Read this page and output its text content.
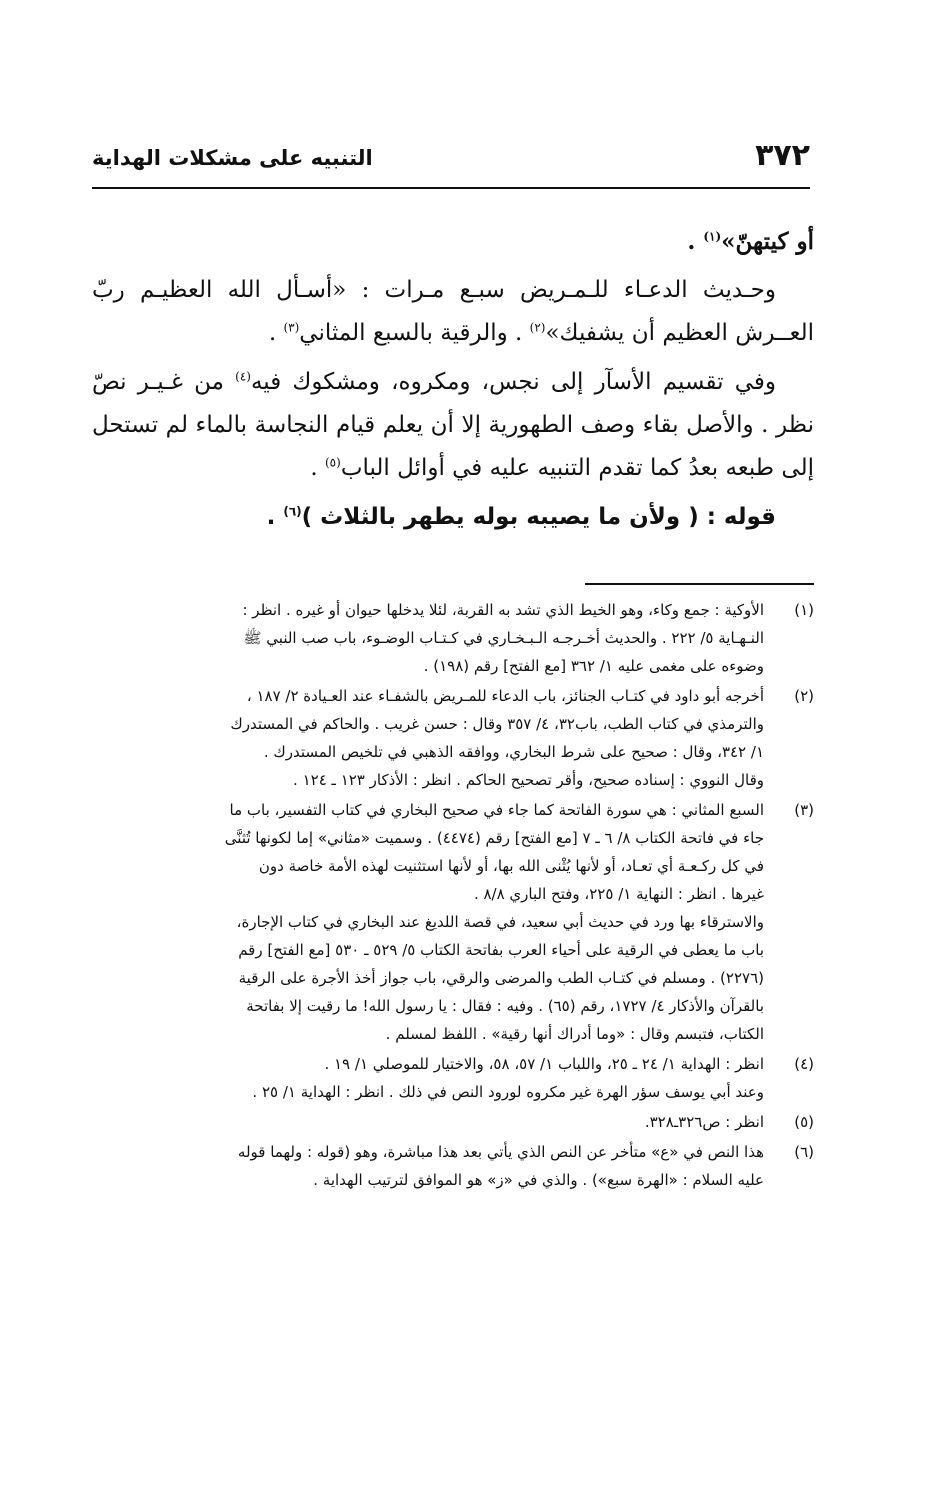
٣٧٢
التنبيه على مشكلات الهداية

أو كيتهنّ»$^{(١)}$ .

وحـديث الدعـاء للـمـريض سبـع مـرات : «أسـأل الله العظيـم ربّ العــرش العظيم أن يشفيك»$^{(٢)}$ . والرقية بالسبع المثاني$^{(٣)}$ .

وفي تقسيم الأسآر إلى نجس، ومكروه، ومشكوك فيه$^{(٤)}$ من غـيـر نصّ نظر . والأصل بقاء وصف الطهورية إلا أن يعلم قيام النجاسة بالماء لم تستحل إلى طبعه بعدُ كما تقدم التنبيه عليه في أوائل الباب$^{(٥)}$ .

قوله : ( ولأن ما يصيبه بوله يطهر بالثلاث )$^{(٦)}$ .

(١)
الأوكية : جمع وكاء، وهو الخيط الذي تشد به القربة، لئلا يدخلها حيوان أو غيره . انظر :
النـهـاية ٥/ ٢٢٢ . والحديث أخـرجـه الـبـخـاري في كـتـاب الوضـوء، باب صب النبي ﷺ
وضوءه على مغمى عليه ١/ ٣٦٢ [مع الفتح] رقم (١٩٨) .
(٢)
أخرجه أبو داود في كتـاب الجنائز، باب الدعاء للمـريض بالشفـاء عند العـيادة ٢/ ١٨٧ ،
والترمذي في كتاب الطب، باب٣٢، ٤/ ٣٥٧ وقال : حسن غريب . والحاكم في المستدرك
١/ ٣٤٢، وقال : صحيح على شرط البخاري، ووافقه الذهبي في تلخيص المستدرك .
وقال النووي : إسناده صحيح، وأقر تصحيح الحاكم . انظر : الأذكار ١٢٣ ـ ١٢٤ .
(٣)
السبع المثاني : هي سورة الفاتحة كما جاء في صحيح البخاري في كتاب التفسير، باب ما
جاء في فاتحة الكتاب ٨/ ٦ ـ ٧ [مع الفتح] رقم (٤٤٧٤) . وسميت «مثاني» إما لكونها تُثنَّى
في كل ركـعـة أي تعـاد، أو لأنها يُثْنى الله بها، أو لأنها استثنيت لهذه الأمة خاصة دون
غيرها . انظر : النهاية ١/ ٢٢٥، وفتح الباري ٨/٨ .
والاسترقاء بها ورد في حديث أبي سعيد، في قصة اللديغ عند البخاري في كتاب الإجارة،
باب ما يعطى في الرقية على أحياء العرب بفاتحة الكتاب ٥/ ٥٢٩ ـ ٥٣٠ [مع الفتح] رقم
(٢٢٧٦) . ومسلم في كتـاب الطب والمرضى والرقي، باب جواز أخذ الأجرة على الرقية
بالقرآن والأذكار ٤/ ١٧٢٧، رقم (٦٥) . وفيه : فقال : يا رسول الله! ما رقيت إلا بفاتحة
الكتاب، فتبسم وقال : «وما أدراك أنها رقية» . اللفظ لمسلم .
(٤)
انظر : الهداية ١/ ٢٤ ـ ٢٥، واللباب ١/ ٥٧، ٥٨، والاختيار للموصلي ١/ ١٩ .
وعند أبي يوسف سؤر الهرة غير مكروه لورود النص في ذلك . انظر : الهداية ١/ ٢٥ .
(٥)
انظر : ص٣٢٦ـ٣٢٨.
(٦)
هذا النص في «ع» متأخر عن النص الذي يأتي بعد هذا مباشرة، وهو (قوله : ولهما قوله
عليه السلام : «الهرة سبع») . والذي في «ز» هو الموافق لترتيب الهداية .
